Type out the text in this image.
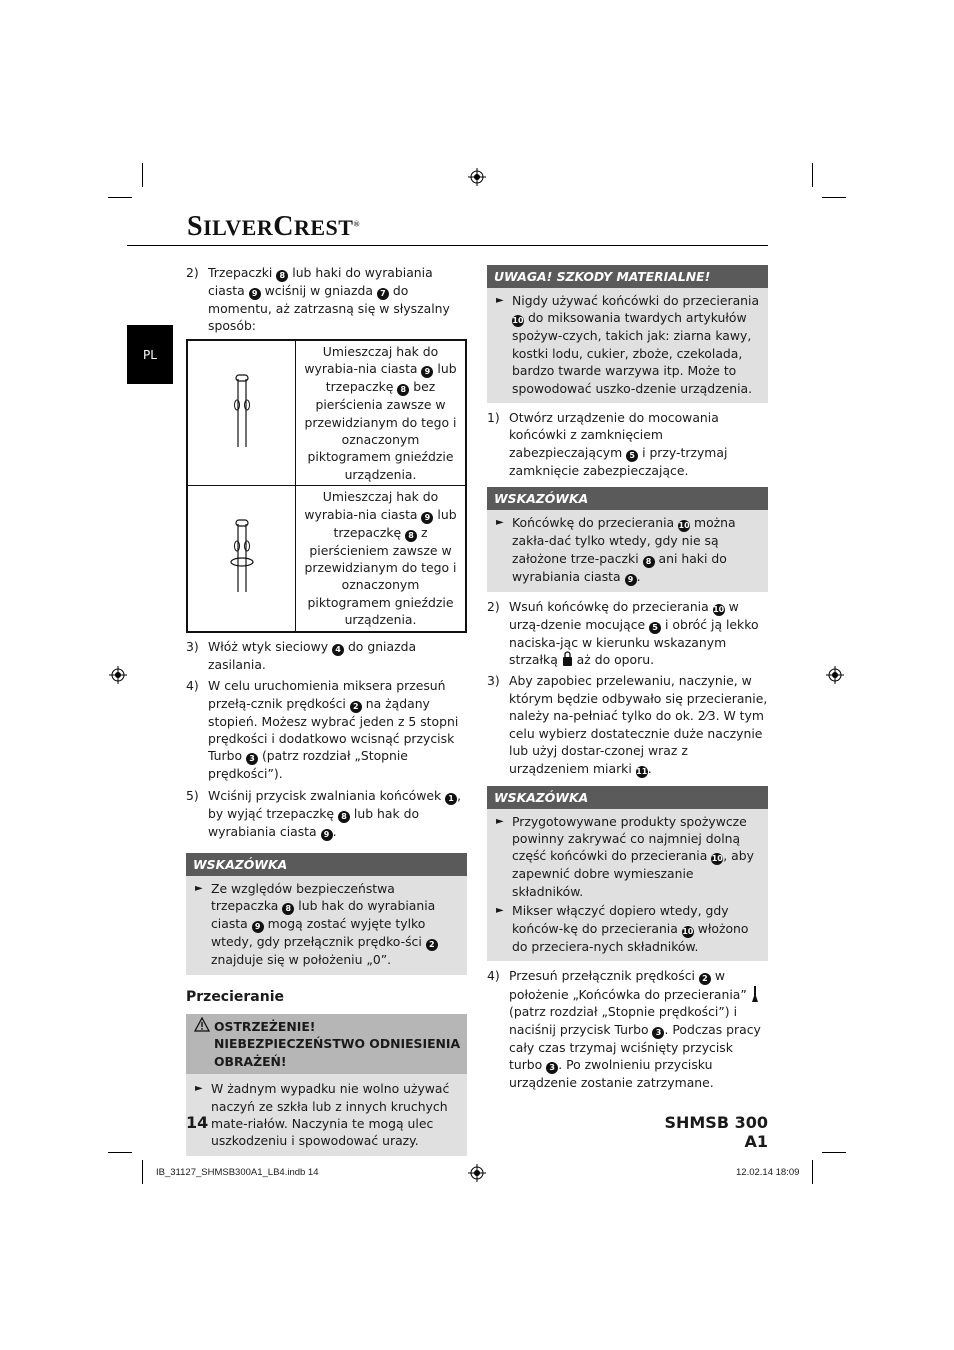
SILVERCREST®
PL
2) Trzepaczki 8 lub haki do wyrabiania ciasta 9 wciśnij w gniazda 7 do momentu, aż zatrzasną się w słyszalny sposób:
	Umieszczaj hak do wyrabia-nia ciasta 9 lub trzepaczkę 8 bez pierścienia zawsze w przewidzianym do tego i oznaczonym piktogramem gnieździe urządzenia.
	Umieszczaj hak do wyrabia-nia ciasta 9 lub trzepaczkę 8 z pierścieniem zawsze w przewidzianym do tego i oznaczonym piktogramem gnieździe urządzenia.
3) Włóż wtyk sieciowy 4 do gniazda zasilania.
4) W celu uruchomienia miksera przesuń przełą-cznik prędkości 2 na żądany stopień. Możesz wybrać jeden z 5 stopni prędkości i dodatkowo wcisnąć przycisk Turbo 3 (patrz rozdział „Stopnie prędkości”).
5) Wciśnij przycisk zwalniania końcówek 1 , by wyjąć trzepaczkę 8 lub hak do wyrabiania ciasta 9 .
WSKAZÓWKA
► Ze względów bezpieczeństwa trzepaczka 8 lub hak do wyrabiania ciasta 9 mogą zostać wyjęte tylko wtedy, gdy przełącznik prędko-ści 2 znajduje się w położeniu „0”.
Przecieranie
OSTRZEŻENIE! NIEBEZPIECZEŃSTWO ODNIESIENIA OBRAŻEŃ!
► W żadnym wypadku nie wolno używać naczyń ze szkła lub z innych kruchych mate-riałów. Naczynia te mogą ulec uszkodzeniu i spowodować urazy.
UWAGA! SZKODY MATERIALNE!
► Nigdy używać końcówki do przecierania 10 do miksowania twardych artykułów spożyw-czych, takich jak: ziarna kawy, kostki lodu, cukier, zboże, czekolada, bardzo twarde warzywa itp. Może to spowodować uszko-dzenie urządzenia.
1) Otwórz urządzenie do mocowania końcówki z zamknięciem zabezpieczającym 5 i przy-trzymaj zamknięcie zabezpieczające.
WSKAZÓWKA
► Końcówkę do przecierania 10 można zakła-dać tylko wtedy, gdy nie są założone trze-paczki 8 ani haki do wyrabiania ciasta 9 .
2) Wsuń końcówkę do przecierania 10 w urzą-dzenie mocujące 5 i obróć ją lekko naciska-jąc w kierunku wskazanym strzałką  aż do oporu.
3) Aby zapobiec przelewaniu, naczynie, w którym będzie odbywało się przecieranie, należy na-pełniać tylko do ok. 2⁄3. W tym celu wybierz dostatecznie duże naczynie lub użyj dostar-czonej wraz z urządzeniem miarki 11.
WSKAZÓWKA
► Przygotowywane produkty spożywcze powinny zakrywać co najmniej dolną część końcówki do przecierania 10, aby zapewnić dobre wymieszanie składników.
► Mikser włączyć dopiero wtedy, gdy końców-kę do przecierania 10 włożono do przeciera-nych składników.
4) Przesuń przełącznik prędkości 2 w położenie „Końcówka do przecierania”  (patrz rozdział „Stopnie prędkości”) i naciśnij przycisk Turbo 3 . Podczas pracy cały czas trzymaj wciśnięty przycisk turbo 3 . Po zwolnieniu przycisku urządzenie zostanie zatrzymane.
14	SHMSB 300 A1
IB_31127_SHMSB300A1_LB4.indb 14	12.02.14 18:09
